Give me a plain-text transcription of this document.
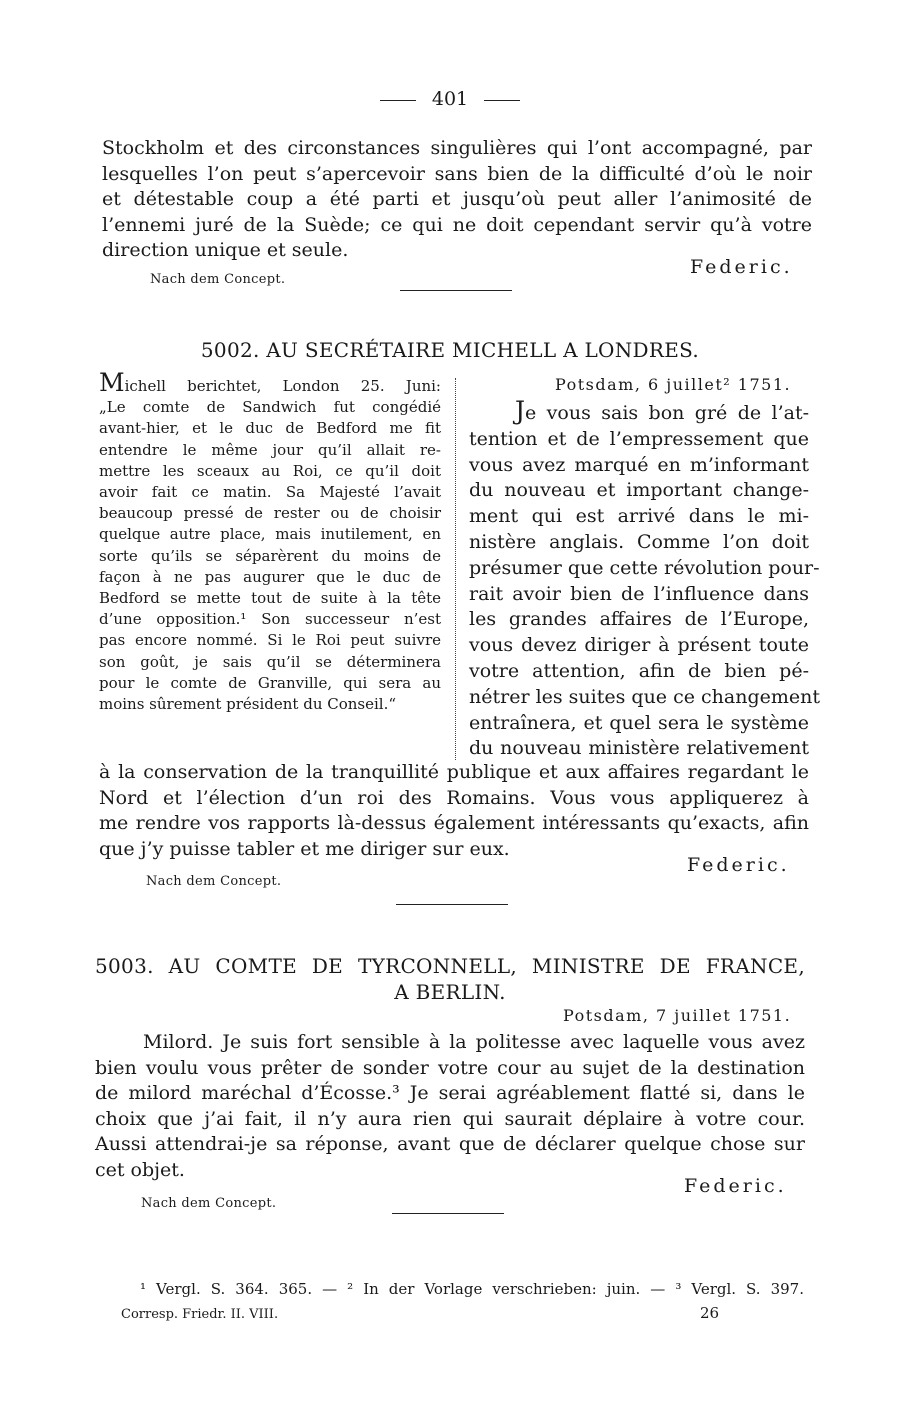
401
Stockholm et des circonstances singulières qui l’ont accompagné, par
lesquelles l’on peut s’apercevoir sans bien de la difficulté d’où le noir
et détestable coup a été parti et jusqu’où peut aller l’animosité de
l’ennemi juré de la Suède; ce qui ne doit cependant servir qu’à votre
direction unique et seule.
Federic.
Nach dem Concept.
5002. AU SECRÉTAIRE MICHELL A LONDRES.
Michell berichtet, London 25. Juni:
„Le comte de Sandwich fut congédié
avant-hier, et le duc de Bedford me fit
entendre le même jour qu’il allait re-
mettre les sceaux au Roi, ce qu’il doit
avoir fait ce matin. Sa Majesté l’avait
beaucoup pressé de rester ou de choisir
quelque autre place, mais inutilement, en
sorte qu’ils se séparèrent du moins de
façon à ne pas augurer que le duc de
Bedford se mette tout de suite à la tête
d’une opposition.¹ Son successeur n’est
pas encore nommé. Si le Roi peut suivre
son goût, je sais qu’il se déterminera
pour le comte de Granville, qui sera au
moins sûrement président du Conseil.“
Potsdam, 6 juillet² 1751.
Je vous sais bon gré de l’at-
tention et de l’empressement que
vous avez marqué en m’informant
du nouveau et important change-
ment qui est arrivé dans le mi-
nistère anglais. Comme l’on doit
présumer que cette révolution pour-
rait avoir bien de l’influence dans
les grandes affaires de l’Europe,
vous devez diriger à présent toute
votre attention, afin de bien pé-
nétrer les suites que ce changement
entraînera, et quel sera le système
du nouveau ministère relativement
à la conservation de la tranquillité publique et aux affaires regardant le
Nord et l’élection d’un roi des Romains. Vous vous appliquerez à
me rendre vos rapports là-dessus également intéressants qu’exacts, afin
que j’y puisse tabler et me diriger sur eux.
Federic.
Nach dem Concept.
5003. AU COMTE DE TYRCONNELL, MINISTRE DE FRANCE,
A BERLIN.
Potsdam, 7 juillet 1751.
Milord. Je suis fort sensible à la politesse avec laquelle vous avez
bien voulu vous prêter de sonder votre cour au sujet de la destination
de milord maréchal d’Écosse.³ Je serai agréablement flatté si, dans le
choix que j’ai fait, il n’y aura rien qui saurait déplaire à votre cour.
Aussi attendrai-je sa réponse, avant que de déclarer quelque chose sur
cet objet.
Federic.
Nach dem Concept.
¹ Vergl. S. 364. 365. — ² In der Vorlage verschrieben: juin. — ³ Vergl. S. 397.
Corresp. Friedr. II. VIII.	26
